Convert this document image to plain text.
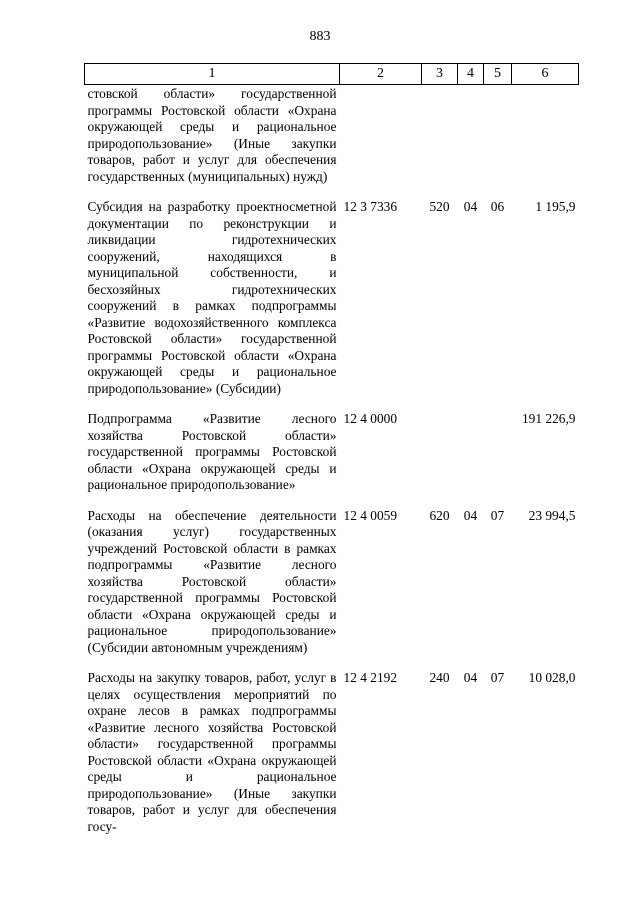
883
1	2	3	4	5	6
стовской области» государственной программы Ростовской области «Охрана окружающей среды и рациональное природопользование» (Иные закупки товаров, работ и услуг для обеспечения государственных (муниципальных) нужд)					
Субсидия на разработку проектносметной документации по реконструкции и ликвидации гидротехнических сооружений, находящихся в муниципальной собственности, и бесхозяйных гидротехнических сооружений в рамках подпрограммы «Развитие водохозяйственного комплекса Ростовской области» государственной программы Ростовской области «Охрана окружающей среды и рациональное природопользование» (Субсидии)	12 3 7336	520	04	06	1 195,9
Подпрограмма «Развитие лесного хозяйства Ростовской области» государственной программы Ростовской области «Охрана окружающей среды и рациональное природопользование»	12 4 0000				191 226,9
Расходы на обеспечение деятельности (оказания услуг) государственных учреждений Ростовской области в рамках подпрограммы «Развитие лесного хозяйства Ростовской области» государственной программы Ростовской области «Охрана окружающей среды и рациональное природопользование» (Субсидии автономным учреждениям)	12 4 0059	620	04	07	23 994,5
Расходы на закупку товаров, работ, услуг в целях осуществления мероприятий по охране лесов в рамках подпрограммы «Развитие лесного хозяйства Ростовской области» государственной программы Ростовской области «Охрана окружающей среды и рациональное природопользование» (Иные закупки товаров, работ и услуг для обеспечения госу-	12 4 2192	240	04	07	10 028,0
